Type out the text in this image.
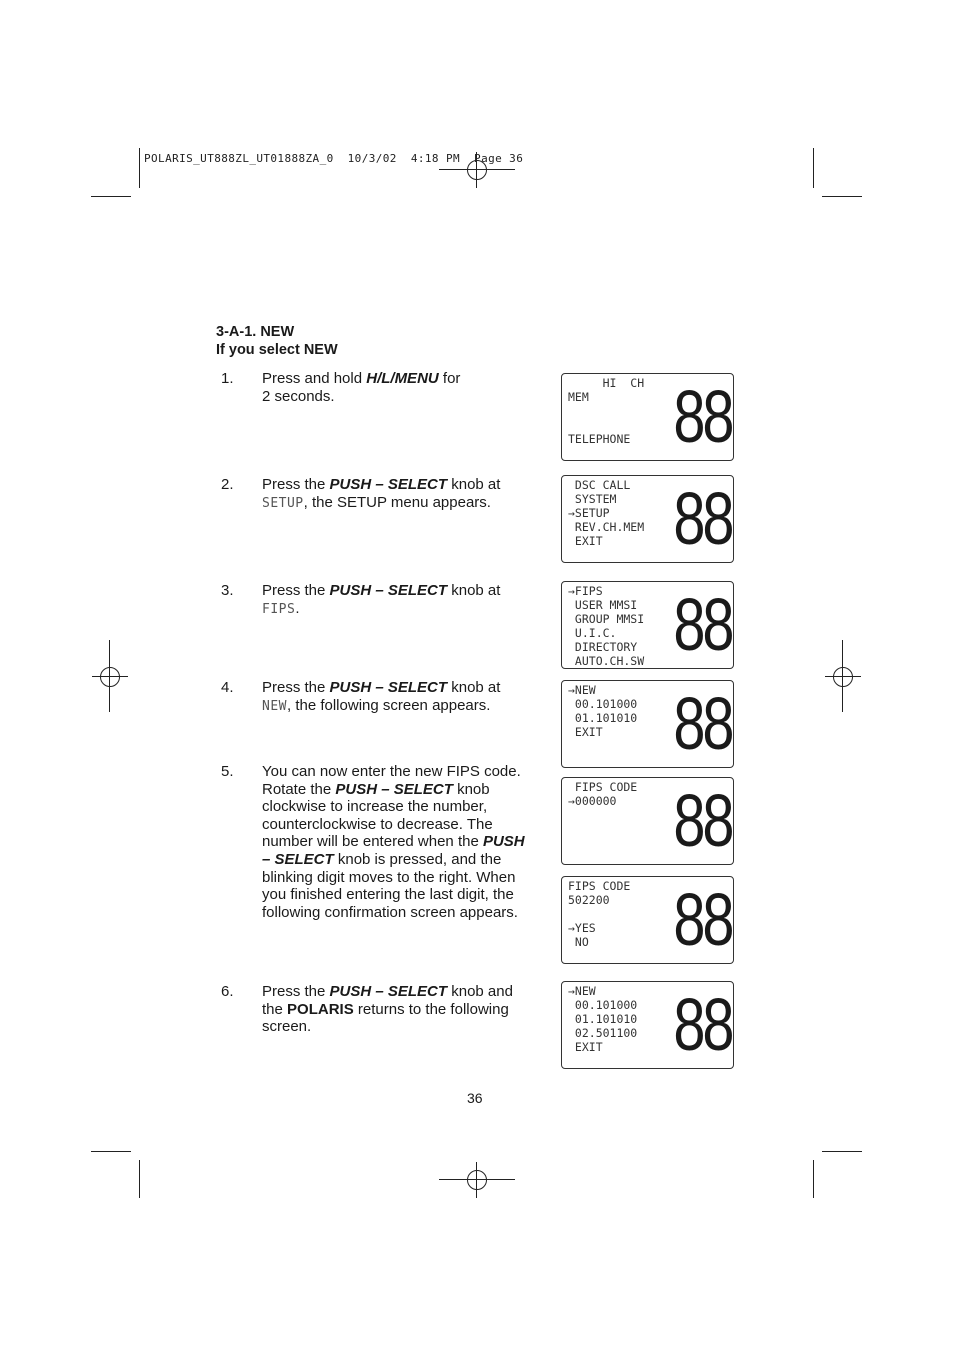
POLARIS_UT888ZL_UT01888ZA_0  10/3/02  4:18 PM  Page 36
3-A-1. NEW
If you select NEW
1. Press and hold H/L/MENU for
2 seconds.
2. Press the PUSH – SELECT knob at
SETUP, the SETUP menu appears.
3. Press the PUSH – SELECT knob at
FIPS.
4. Press the PUSH – SELECT knob at
NEW, the following screen appears.
5. You can now enter the new FIPS code. Rotate the PUSH – SELECT knob clockwise to increase the number, counterclockwise to decrease. The number will be entered when the PUSH – SELECT knob is pressed, and the blinking digit moves to the right. When you finished entering the last digit, the following confirmation screen appears.
6. Press the PUSH – SELECT knob and the POLARIS returns to the following screen.
HI  CH
MEM

TELEPHONE 88
DSC CALL
SYSTEM
→SETUP
REV.CH.MEM
EXIT 88
→FIPS
USER MMSI
GROUP MMSI
U.I.C.
DIRECTORY
AUTO.CH.SW 88
→NEW
00.101000
01.101010
EXIT 88
FIPS CODE
→000000 88
FIPS CODE
502200

→YES
NO	88
→NEW
00.101000
01.101010
02.501100
EXIT 88
36
